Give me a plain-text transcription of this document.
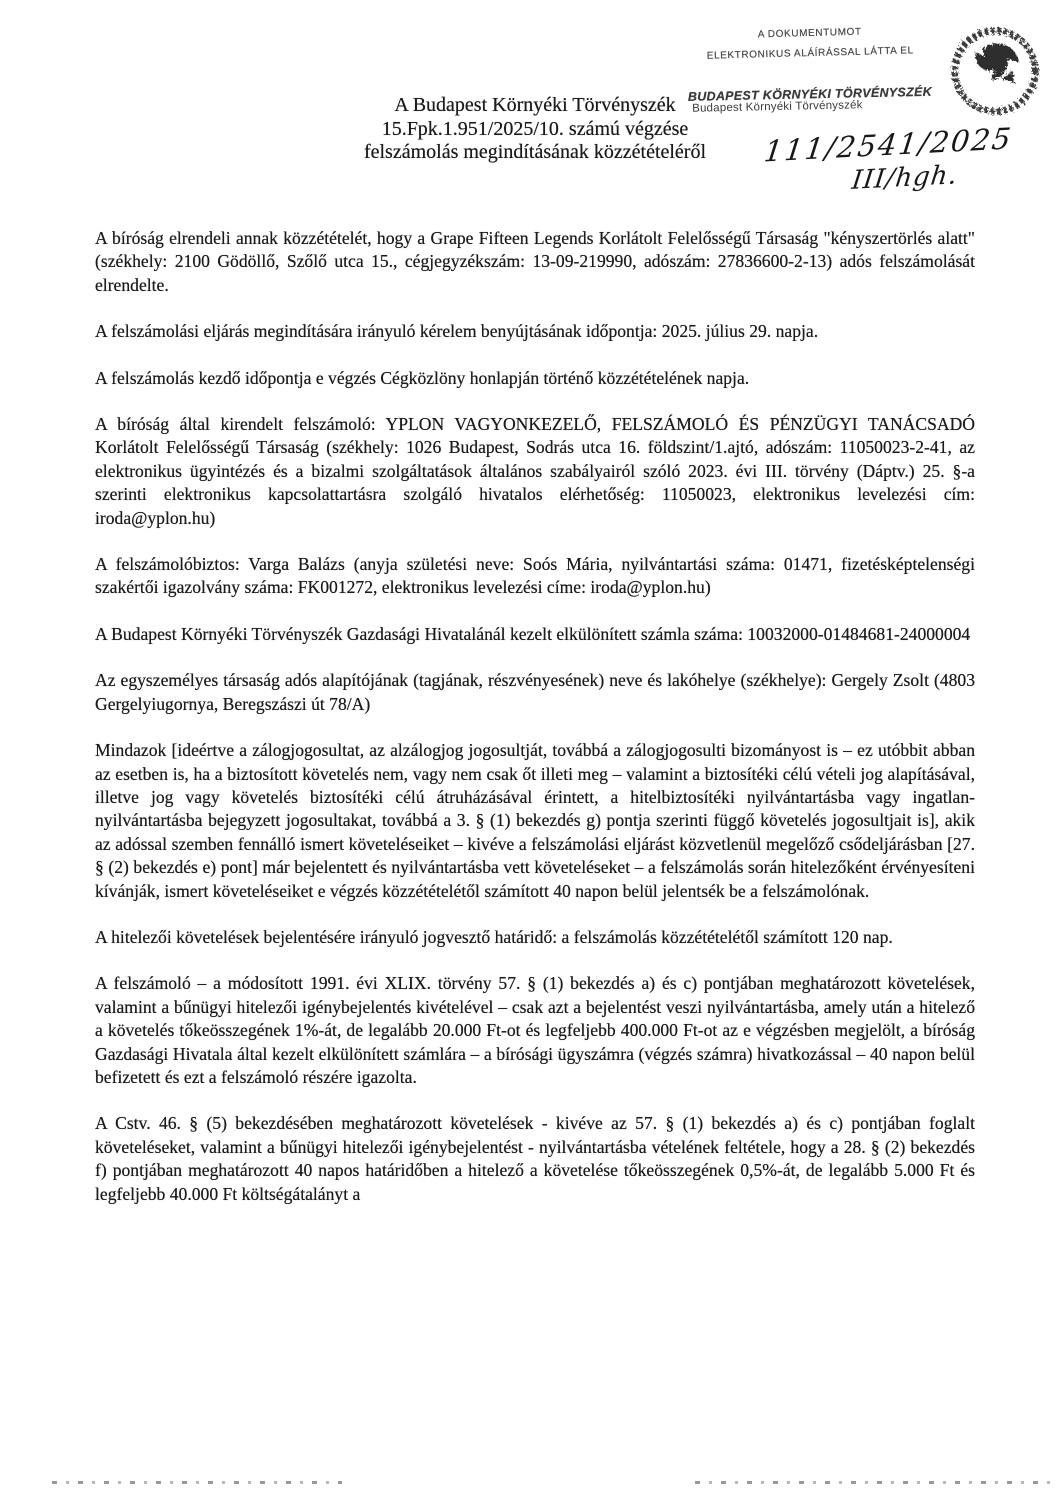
A DOKUMENTUMOT
ELEKTRONIKUS ALÁÍRÁSSAL LÁTTA EL
BUDAPEST KÖRNYÉKI TÖRVÉNYSZÉK
Budapest Környéki Törvényszék
111/2541/2025
III/hgh.
A Budapest Környéki Törvényszék
15.Fpk.1.951/2025/10. számú végzése
felszámolás megindításának közzétételéről

A bíróság elrendeli annak közzétételét, hogy a Grape Fifteen Legends Korlátolt Felelősségű Társaság "kényszertörlés alatt" (székhely: 2100 Gödöllő, Szőlő utca 15., cégjegyzékszám: 13-09-219990, adószám: 27836600-2-13) adós felszámolását elrendelte.

A felszámolási eljárás megindítására irányuló kérelem benyújtásának időpontja: 2025. július 29. napja.

A felszámolás kezdő időpontja e végzés Cégközlöny honlapján történő közzétételének napja.

A bíróság által kirendelt felszámoló: YPLON VAGYONKEZELŐ, FELSZÁMOLÓ ÉS PÉNZÜGYI TANÁCSADÓ Korlátolt Felelősségű Társaság (székhely: 1026 Budapest, Sodrás utca 16. földszint/1.ajtó, adószám: 11050023-2-41, az elektronikus ügyintézés és a bizalmi szolgáltatások általános szabályairól szóló 2023. évi III. törvény (Dáptv.) 25. §-a szerinti elektronikus kapcsolattartásra szolgáló hivatalos elérhetőség: 11050023, elektronikus levelezési cím: iroda@yplon.hu)

A felszámolóbiztos: Varga Balázs (anyja születési neve: Soós Mária, nyilvántartási száma: 01471, fizetésképtelenségi szakértői igazolvány száma: FK001272, elektronikus levelezési címe: iroda@yplon.hu)

A Budapest Környéki Törvényszék Gazdasági Hivatalánál kezelt elkülönített számla száma: 10032000-01484681-24000004

Az egyszemélyes társaság adós alapítójának (tagjának, részvényesének) neve és lakóhelye (székhelye): Gergely Zsolt (4803 Gergelyiugornya, Beregszászi út 78/A)

Mindazok [ideértve a zálogjogosultat, az alzálogjog jogosultját, továbbá a zálogjogosulti bizományost is – ez utóbbit abban az esetben is, ha a biztosított követelés nem, vagy nem csak őt illeti meg – valamint a biztosítéki célú vételi jog alapításával, illetve jog vagy követelés biztosítéki célú átruházásával érintett, a hitelbiztosítéki nyilvántartásba vagy ingatlan-nyilvántartásba bejegyzett jogosultakat, továbbá a 3. § (1) bekezdés g) pontja szerinti függő követelés jogosultjait is], akik az adóssal szemben fennálló ismert követeléseiket – kivéve a felszámolási eljárást közvetlenül megelőző csődeljárásban [27. § (2) bekezdés e) pont] már bejelentett és nyilvántartásba vett követeléseket – a felszámolás során hitelezőként érvényesíteni kívánják, ismert követeléseiket e végzés közzétételétől számított 40 napon belül jelentsék be a felszámolónak.

A hitelezői követelések bejelentésére irányuló jogvesztő határidő: a felszámolás közzétételétől számított 120 nap.

A felszámoló – a módosított 1991. évi XLIX. törvény 57. § (1) bekezdés a) és c) pontjában meghatározott követelések, valamint a bűnügyi hitelezői igénybejelentés kivételével – csak azt a bejelentést veszi nyilvántartásba, amely után a hitelező a követelés tőkeösszegének 1%-át, de legalább 20.000 Ft-ot és legfeljebb 400.000 Ft-ot az e végzésben megjelölt, a bíróság Gazdasági Hivatala által kezelt elkülönített számlára – a bírósági ügyszámra (végzés számra) hivatkozással – 40 napon belül befizetett és ezt a felszámoló részére igazolta.

A Cstv. 46. § (5) bekezdésében meghatározott követelések - kivéve az 57. § (1) bekezdés a) és c) pontjában foglalt követeléseket, valamint a bűnügyi hitelezői igénybejelentést - nyilvántartásba vételének feltétele, hogy a 28. § (2) bekezdés f) pontjában meghatározott 40 napos határidőben a hitelező a követelése tőkeösszegének 0,5%-át, de legalább 5.000 Ft és legfeljebb 40.000 Ft költségátalányt a
